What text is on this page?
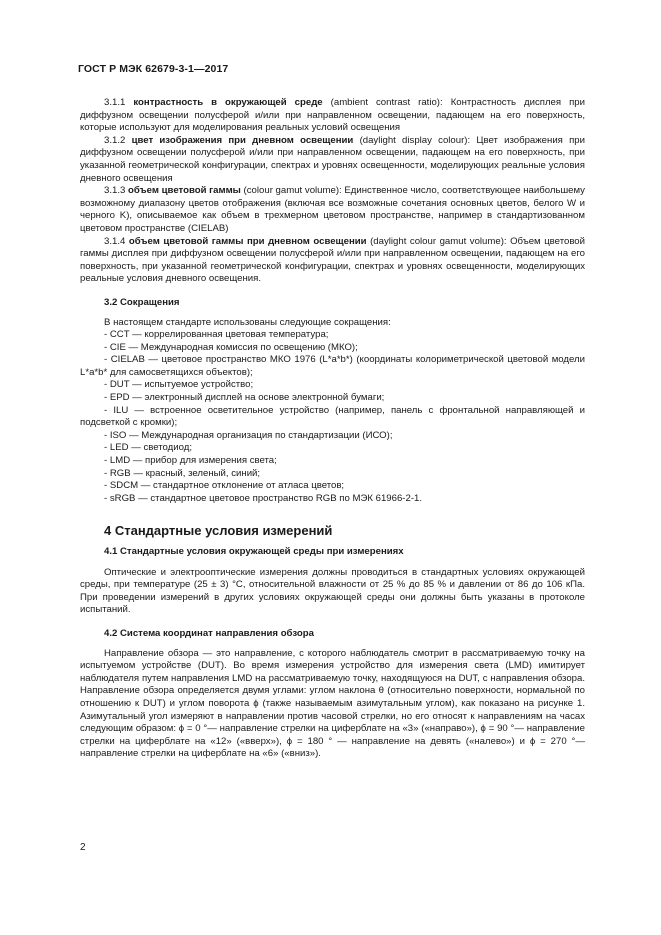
ГОСТ Р МЭК 62679-3-1—2017

3.1.1 контрастность в окружающей среде (ambient contrast ratio): Контрастность дисплея при диффузном освещении полусферой и/или при направленном освещении, падающем на его поверхность, которые используют для моделирования реальных условий освещения

3.1.2 цвет изображения при дневном освещении (daylight display colour): Цвет изображения при диффузном освещении полусферой и/или при направленном освещении, падающем на его поверхность, при указанной геометрической конфигурации, спектрах и уровнях освещенности, моделирующих реальные условия дневного освещения

3.1.3 объем цветовой гаммы (colour gamut volume): Единственное число, соответствующее наибольшему возможному диапазону цветов отображения (включая все возможные сочетания основных цветов, белого W и черного K), описываемое как объем в трехмерном цветовом пространстве, например в стандартизованном цветовом пространстве (CIELAB)

3.1.4 объем цветовой гаммы при дневном освещении (daylight colour gamut volume): Объем цветовой гаммы дисплея при диффузном освещении полусферой и/или при направленном освещении, падающем на его поверхность, при указанной геометрической конфигурации, спектрах и уровнях освещенности, моделирующих реальные условия дневного освещения.

3.2 Сокращения

В настоящем стандарте использованы следующие сокращения:

- CCT — коррелированная цветовая температура;

- CIE — Международная комиссия по освещению (МКО);

- CIELAB — цветовое пространство МКО 1976 (L*a*b*) (координаты колориметрической цветовой модели L*a*b* для самосветящихся объектов);

- DUT — испытуемое устройство;

- EPD — электронный дисплей на основе электронной бумаги;

- ILU — встроенное осветительное устройство (например, панель с фронтальной направляющей и подсветкой с кромки);

- ISO — Международная организация по стандартизации (ИСО);

- LED — светодиод;

- LMD — прибор для измерения света;

- RGB — красный, зеленый, синий;

- SDCM — стандартное отклонение от атласа цветов;

- sRGB — стандартное цветовое пространство RGB по МЭК 61966-2-1.

4 Стандартные условия измерений

4.1 Стандартные условия окружающей среды при измерениях

Оптические и электрооптические измерения должны проводиться в стандартных условиях окружающей среды, при температуре (25 ± 3) °C, относительной влажности от 25 % до 85 % и давлении от 86 до 106 кПа. При проведении измерений в других условиях окружающей среды они должны быть указаны в протоколе испытаний.

4.2 Система координат направления обзора

Направление обзора — это направление, с которого наблюдатель смотрит в рассматриваемую точку на испытуемом устройстве (DUT). Во время измерения устройство для измерения света (LMD) имитирует наблюдателя путем направления LMD на рассматриваемую точку, находящуюся на DUT, с направления обзора. Направление обзора определяется двумя углами: углом наклона θ (относительно поверхности, нормальной по отношению к DUT) и углом поворота ϕ (также называемым азимутальным углом), как показано на рисунке 1. Азимутальный угол измеряют в направлении против часовой стрелки, но его относят к направлениям на часах следующим образом: ϕ = 0 °— направление стрелки на циферблате на «3» («направо»), ϕ = 90 °— направление стрелки на циферблате на «12» («вверх»), ϕ = 180 ° — направление на девять («налево») и ϕ = 270 °— направление стрелки на циферблате на «6» («вниз»).

2
